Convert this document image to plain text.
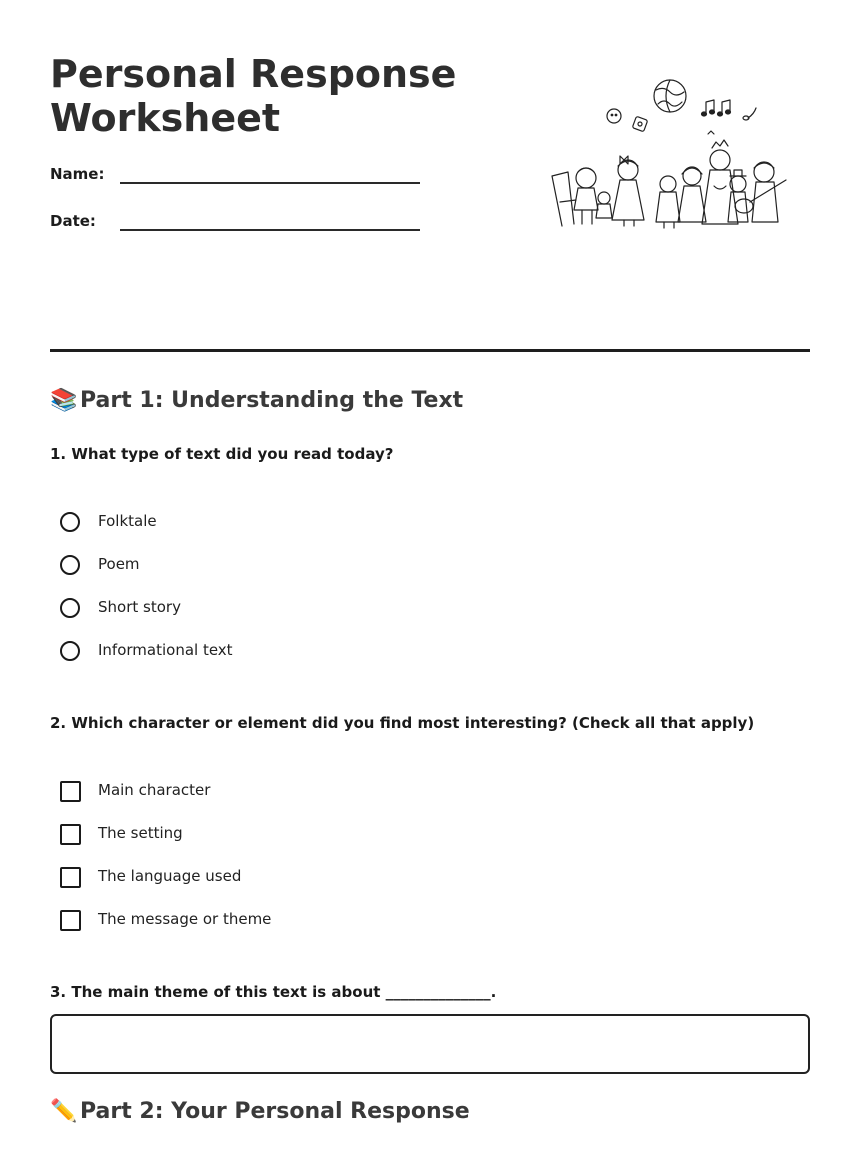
Personal Response Worksheet
Name:
Date:
📚 Part 1: Understanding the Text
1. What type of text did you read today?
Folktale
Poem
Short story
Informational text
2. Which character or element did you find most interesting? (Check all that apply)
Main character
The setting
The language used
The message or theme
3. The main theme of this text is about ______________.
✏️ Part 2: Your Personal Response
